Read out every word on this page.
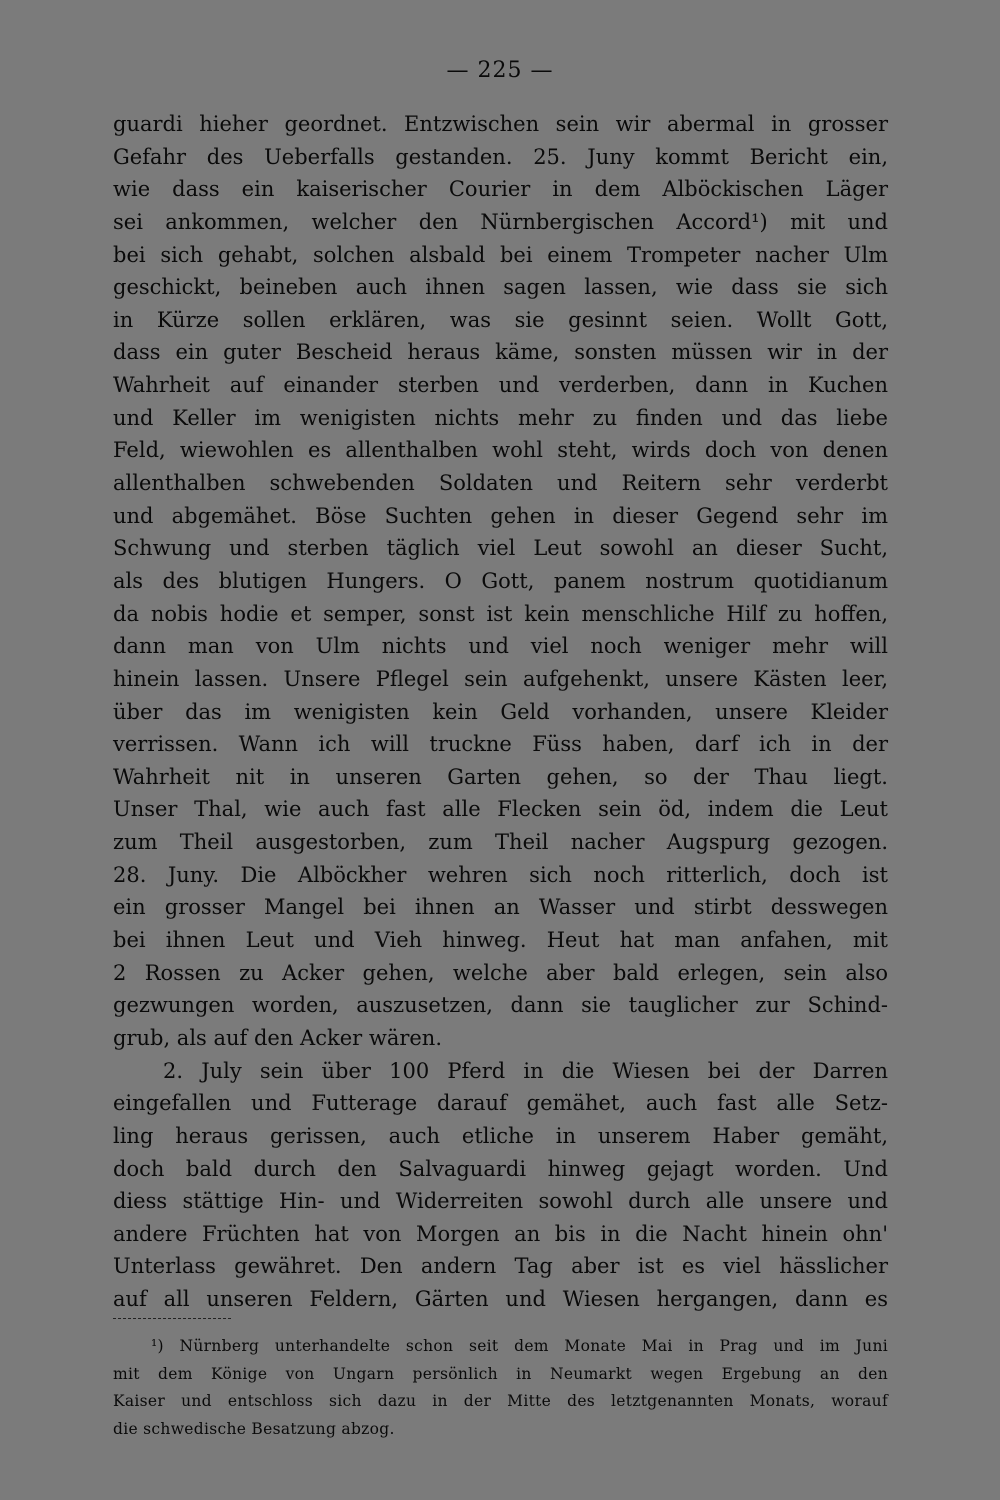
— 225 —
guardi hieher geordnet. Entzwischen sein wir abermal in grosser
Gefahr des Ueberfalls gestanden. 25. Juny kommt Bericht ein,
wie dass ein kaiserischer Courier in dem Alböckischen Läger
sei ankommen, welcher den Nürnbergischen Accord¹) mit und
bei sich gehabt, solchen alsbald bei einem Trompeter nacher Ulm
geschickt, beineben auch ihnen sagen lassen, wie dass sie sich
in Kürze sollen erklären, was sie gesinnt seien. Wollt Gott,
dass ein guter Bescheid heraus käme, sonsten müssen wir in der
Wahrheit auf einander sterben und verderben, dann in Kuchen
und Keller im wenigisten nichts mehr zu finden und das liebe
Feld, wiewohlen es allenthalben wohl steht, wirds doch von denen
allenthalben schwebenden Soldaten und Reitern sehr verderbt
und abgemähet. Böse Suchten gehen in dieser Gegend sehr im
Schwung und sterben täglich viel Leut sowohl an dieser Sucht,
als des blutigen Hungers. O Gott, panem nostrum quotidianum
da nobis hodie et semper, sonst ist kein menschliche Hilf zu hoffen,
dann man von Ulm nichts und viel noch weniger mehr will
hinein lassen. Unsere Pflegel sein aufgehenkt, unsere Kästen leer,
über das im wenigisten kein Geld vorhanden, unsere Kleider
verrissen. Wann ich will truckne Füss haben, darf ich in der
Wahrheit nit in unseren Garten gehen, so der Thau liegt.
Unser Thal, wie auch fast alle Flecken sein öd, indem die Leut
zum Theil ausgestorben, zum Theil nacher Augspurg gezogen.
28. Juny. Die Alböckher wehren sich noch ritterlich, doch ist
ein grosser Mangel bei ihnen an Wasser und stirbt desswegen
bei ihnen Leut und Vieh hinweg. Heut hat man anfahen, mit
2 Rossen zu Acker gehen, welche aber bald erlegen, sein also
gezwungen worden, auszusetzen, dann sie tauglicher zur Schind-
grub, als auf den Acker wären.
2. July sein über 100 Pferd in die Wiesen bei der Darren
eingefallen und Futterage darauf gemähet, auch fast alle Setz-
ling heraus gerissen, auch etliche in unserem Haber gemäht,
doch bald durch den Salvaguardi hinweg gejagt worden. Und
diess stättige Hin- und Widerreiten sowohl durch alle unsere und
andere Früchten hat von Morgen an bis in die Nacht hinein ohn'
Unterlass gewähret. Den andern Tag aber ist es viel hässlicher
auf all unseren Feldern, Gärten und Wiesen hergangen, dann es
¹) Nürnberg unterhandelte schon seit dem Monate Mai in Prag und im Juni
mit dem Könige von Ungarn persönlich in Neumarkt wegen Ergebung an den
Kaiser und entschloss sich dazu in der Mitte des letztgenannten Monats, worauf
die schwedische Besatzung abzog.
